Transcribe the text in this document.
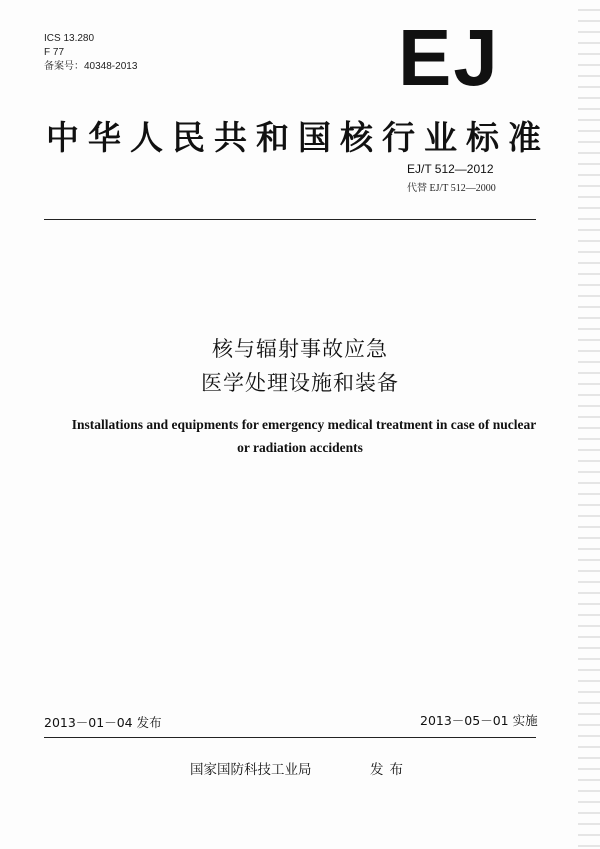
ICS 13.280
F 77
备案号：40348-2013	EJ
中华人民共和国核行业标准
EJ/T 512—2012
代替 EJ/T 512—2000
核与辐射事故应急
医学处理设施和装备
Installations and equipments for emergency medical treatment in case of nuclear
or radiation accidents
2013－01－04 发布	2013－05－01 实施
国家国防科技工业局	发布
